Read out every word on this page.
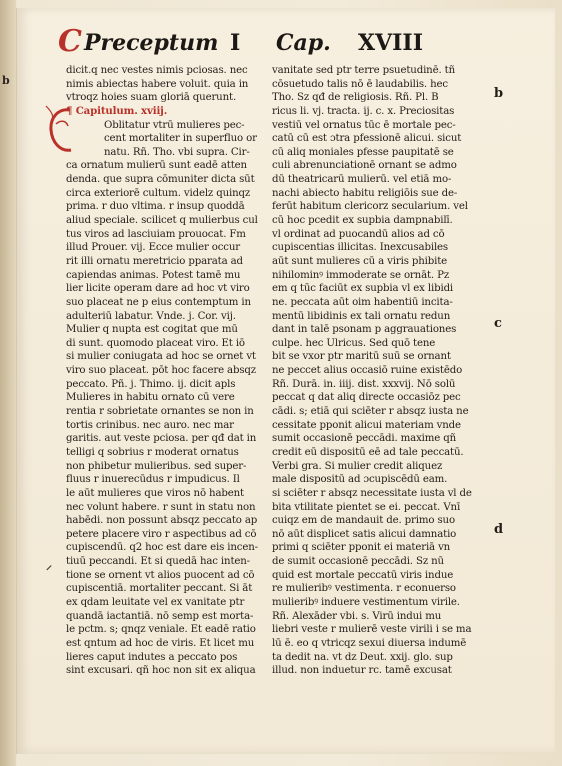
b
C Preceptum I Cap. XVIII
dicit.q nec vestes nimis pciosas. nec
nimis abiectas habere voluit. quia in
vtroqz hoies suam gloriā querunt.
¶ Capitulum. xviij.
Oblitatur vtrū mulieres pec-
cent mortaliter in superfluo or
natu. Rñ. Tho. vbi supra. Cir-
ca ornatum mulierū sunt eadē atten
denda. que supra cōmuniter dicta sūt
circa exteriorē cultum. videlz quinqz
prima. r duo vltima. r insup quoddā
aliud speciale. scilicet q mulierbus cul
tus viros ad lasciuiam prouocat. Fm
illud Prouer. vij. Ecce mulier occur
rit illi ornatu meretricio pparata ad
capiendas animas. Potest tamē mu
lier licite operam dare ad hoc vt viro
suo placeat ne p eius contemptum in
adulteriū labatur. Vnde. j. Cor. vij.
Mulier q nupta est cogitat que mū
di sunt. quomodo placeat viro. Et iō
si mulier coniugata ad hoc se ornet vt
viro suo placeat. pōt hoc facere absqz
peccato. Pñ. j. Thimo. ij. dicit apls
Mulieres in habitu ornato cū vere
rentia r sobrietate ornantes se non in
tortis crinibus. nec auro. nec mar
garitis. aut veste pciosa. per qđ dat in
telligi q sobrius r moderat ornatus
non phibetur mulieribus. sed super-
fluus r inuerecūdus r impudicus. Il
le aūt mulieres que viros nō habent
nec volunt habere. r sunt in statu non
habēdi. non possunt absqz peccato ap
petere placere viro r aspectibus ad cō
cupiscendū. q2 hoc est dare eis incen-
tiuū peccandi. Et si quedā hac inten-
tione se ornent vt alios puocent ad cō
cupiscentiā. mortaliter peccant. Si āt
ex qdam leuitate vel ex vanitate ptr
quandā iactantiā. nō semp est morta-
le pctm. s; qnqz veniale. Et eadē ratio
est qntum ad hoc de viris. Et licet mu
lieres caput indutes a peccato pos
sint excusari. qñ hoc non sit ex aliqua
vanitate sed ptr terre psuetudinē. tñ
cōsuetudo talis nō ē laudabilis. hec
Tho. Sz qđ de religiosis. Rñ. Pl. B
ricus li. vj. tracta. ij. c. x. Preciositas
vestiū vel ornatus tūc ē mortale pec-
catū cū est ɔtra pfessionē alicui. sicut
cū aliq moniales pfesse paupitatē se
culi abrenunciationē ornant se admo
dū theatricarū mulierū. vel etiā mo-
nachi abiecto habitu religiōis sue de-
ferūt habitum clericorz secularium. vel
cū hoc pcedit ex supbia dampnabilī.
vl ordinat ad puocandū alios ad cō
cupiscentias illicitas. Inexcusabiles
aūt sunt mulieres cū a viris phibite
nihilominꝰ immoderate se ornāt. Pz
em q tūc faciūt ex supbia vl ex libidi
ne. peccata aūt oim habentiū incita-
mentū libidinis ex tali ornatu redun
dant in talē psonam p aggrauationes
culpe. hec Ulricus. Sed quō tene
bit se vxor ptr maritū suū se ornant
ne peccet alius occasiō ruine existēdo
Rñ. Durā. in. iiij. dist. xxxvij. Nō solū
peccat q dat aliq directe occasiōz pec
cādi. s; etiā qui sciēter r absqz iusta ne
cessitate pponit alicui materiam vnde
sumit occasionē peccādi. maxime qñ
credit eū dispositū eē ad tale peccatū.
Verbi gra. Si mulier credit aliquez
male dispositū ad ɔcupiscēdū eam.
si sciēter r absqz necessitate iusta vl de
bita vtilitate pientet se ei. peccat. Vnī
cuiqz em de mandauit de. primo suo
nō aūt displicet satis alicui damnatio
primi q sciēter pponit ei materiā vn
de sumit occasionē peccādi. Sz nū
quid est mortale peccatū viris indue
re mulieribꝰ vestimenta. r econuerso
mulieribꝰ induere vestimentum virile.
Rñ. Alexāder vbi. s. Virū indui mu
liebri veste r mulierē veste virili i se ma
lū ē. eo q vtricqz sexui diuersa indumē
ta dedit na. vt dz Deut. xxij. glo. sup
illud. non induetur rc. tamē excusat
b
c
d
⸝
